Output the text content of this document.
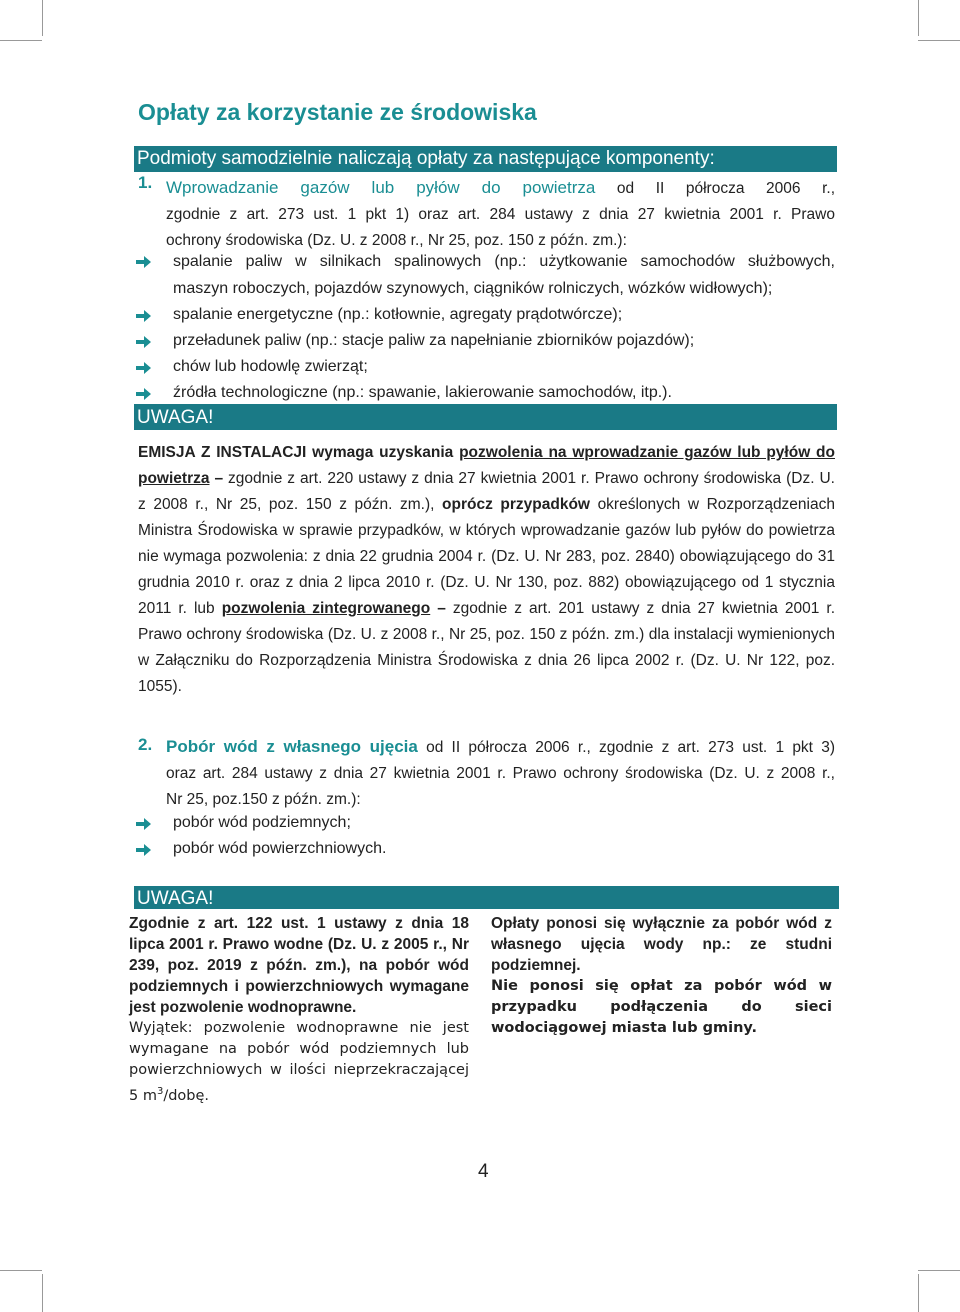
Opłaty za korzystanie ze środowiska
Podmioty samodzielnie naliczają opłaty za następujące komponenty:
1. Wprowadzanie gazów lub pyłów do powietrza od II półrocza 2006 r.,
zgodnie z art. 273 ust. 1 pkt 1) oraz art. 284 ustawy z dnia 27 kwietnia 2001 r. Prawo
ochrony środowiska (Dz. U. z 2008 r., Nr 25, poz. 150 z późn. zm.):
spalanie paliw w silnikach spalinowych (np.: użytkowanie samochodów służbowych,
maszyn roboczych, pojazdów szynowych, ciągników rolniczych, wózków widłowych);
spalanie energetyczne (np.: kotłownie, agregaty prądotwórcze);
przeładunek paliw (np.: stacje paliw za napełnianie zbiorników pojazdów);
chów lub hodowlę zwierząt;
źródła technologiczne (np.: spawanie, lakierowanie samochodów, itp.).
UWAGA!
EMISJA Z INSTALACJI wymaga uzyskania pozwolenia na wprowadzanie gazów lub pyłów do powietrza – zgodnie z art. 220 ustawy z dnia 27 kwietnia 2001 r. Prawo ochrony środowiska (Dz. U. z 2008 r., Nr 25, poz. 150 z późn. zm.), oprócz przypadków określonych w Rozporządzeniach Ministra Środowiska w sprawie przypadków, w których wprowadzanie gazów lub pyłów do powietrza nie wymaga pozwolenia: z dnia 22 grudnia 2004 r. (Dz. U. Nr 283, poz. 2840) obowiązującego do 31 grudnia 2010 r. oraz z dnia 2 lipca 2010 r. (Dz. U. Nr 130, poz. 882) obowiązującego od 1 stycznia 2011 r. lub pozwolenia zintegrowanego – zgodnie z art. 201 ustawy z dnia 27 kwietnia 2001 r. Prawo ochrony środowiska (Dz. U. z 2008 r., Nr 25, poz. 150 z późn. zm.) dla instalacji wymienionych w Załączniku do Rozporządzenia Ministra Środowiska z dnia 26 lipca 2002 r. (Dz. U. Nr 122, poz. 1055).
2. Pobór wód z własnego ujęcia od II półrocza 2006 r., zgodnie z art. 273 ust. 1 pkt 3)
oraz art. 284 ustawy z dnia 27 kwietnia 2001 r. Prawo ochrony środowiska (Dz. U. z 2008 r.,
Nr 25, poz.150 z późn. zm.):
pobór wód podziemnych;
pobór wód powierzchniowych.
UWAGA!
Zgodnie z art. 122 ust. 1 ustawy z dnia 18 lipca 2001 r. Prawo wodne (Dz. U. z 2005 r., Nr 239, poz. 2019 z późn. zm.), na pobór wód podziemnych i powierzchniowych wymagane jest pozwolenie wodnoprawne.
Wyjątek: pozwolenie wodnoprawne nie jest wymagane na pobór wód podziemnych lub powierzchniowych w ilości nieprzekraczającej 5 $m^3$/dobę.
Opłaty ponosi się wyłącznie za pobór wód z własnego ujęcia wody np.: ze studni podziemnej.
Nie ponosi się opłat za pobór wód w przypadku podłączenia do sieci wodociągowej miasta lub gminy.
4
